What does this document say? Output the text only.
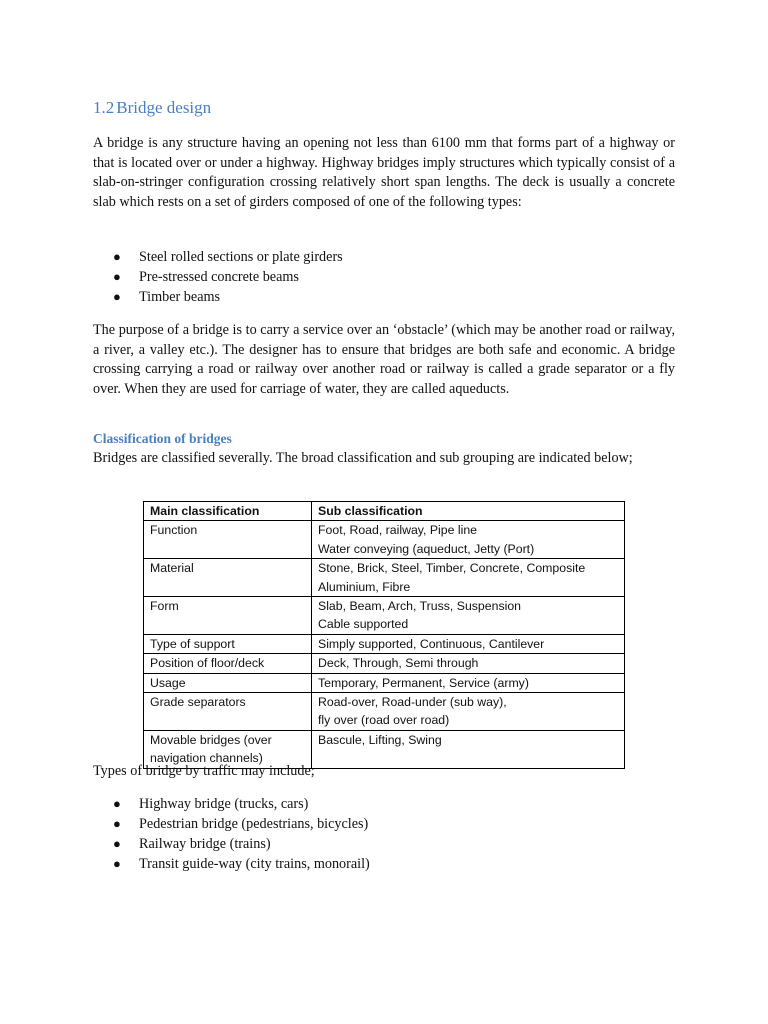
1.2 Bridge design

A bridge is any structure having an opening not less than 6100 mm that forms part of a highway or that is located over or under a highway. Highway bridges imply structures which typically consist of a slab-on-stringer configuration crossing relatively short span lengths. The deck is usually a concrete slab which rests on a set of girders composed of one of the following types:

● Steel rolled sections or plate girders
● Pre-stressed concrete beams
● Timber beams

The purpose of a bridge is to carry a service over an ‘obstacle’ (which may be another road or railway, a river, a valley etc.). The designer has to ensure that bridges are both safe and economic. A bridge crossing carrying a road or railway over another road or railway is called a grade separator or a fly over. When they are used for carriage of water, they are called aqueducts.

Classification of bridges

Bridges are classified severally. The broad classification and sub grouping are indicated below;

Main classification	Sub classification

Function	Foot, Road, railway, Pipe line
Water conveying (aqueduct, Jetty (Port)

Material	Stone, Brick, Steel, Timber, Concrete, Composite
Aluminium, Fibre

Form	Slab, Beam, Arch, Truss, Suspension
Cable supported

Type of support	Simply supported, Continuous, Cantilever

Position of floor/deck	Deck, Through, Semi through

Usage	Temporary, Permanent, Service (army)

Grade separators	Road-over, Road-under (sub way),
fly over (road over road)

Movable bridges (over
navigation channels)	Bascule, Lifting, Swing

Types of bridge by traffic may include;

● Highway bridge (trucks, cars)
● Pedestrian bridge (pedestrians, bicycles)
● Railway bridge (trains)
● Transit guide-way (city trains, monorail)
